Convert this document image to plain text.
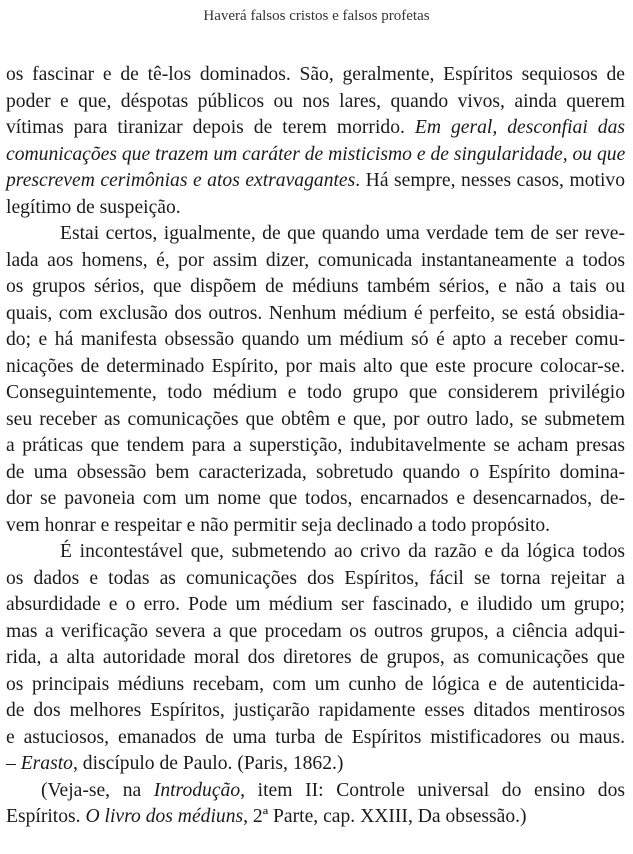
Haverá falsos cristos e falsos profetas
os fascinar e de tê-los dominados. São, geralmente, Espíritos sequiosos de
poder e que, déspotas públicos ou nos lares, quando vivos, ainda querem
vítimas para tiranizar depois de terem morrido. Em geral, desconfiai das
comunicações que trazem um caráter de misticismo e de singularidade, ou que
prescrevem cerimônias e atos extravagantes. Há sempre, nesses casos, motivo
legítimo de suspeição.
Estai certos, igualmente, de que quando uma verdade tem de ser reve-
lada aos homens, é, por assim dizer, comunicada instantaneamente a todos
os grupos sérios, que dispõem de médiuns também sérios, e não a tais ou
quais, com exclusão dos outros. Nenhum médium é perfeito, se está obsidia-
do; e há manifesta obsessão quando um médium só é apto a receber comu-
nicações de determinado Espírito, por mais alto que este procure colocar-se.
Conseguintemente, todo médium e todo grupo que considerem privilégio
seu receber as comunicações que obtêm e que, por outro lado, se submetem
a práticas que tendem para a superstição, indubitavelmente se acham presas
de uma obsessão bem caracterizada, sobretudo quando o Espírito domina-
dor se pavoneia com um nome que todos, encarnados e desencarnados, de-
vem honrar e respeitar e não permitir seja declinado a todo propósito.
É incontestável que, submetendo ao crivo da razão e da lógica todos
os dados e todas as comunicações dos Espíritos, fácil se torna rejeitar a
absurdidade e o erro. Pode um médium ser fascinado, e iludido um grupo;
mas a verificação severa a que procedam os outros grupos, a ciência adqui-
rida, a alta autoridade moral dos diretores de grupos, as comunicações que
os principais médiuns recebam, com um cunho de lógica e de autenticida-
de dos melhores Espíritos, justiçarão rapidamente esses ditados mentirosos
e astuciosos, emanados de uma turba de Espíritos mistificadores ou maus.
– Erasto, discípulo de Paulo. (Paris, 1862.)
(Veja-se, na Introdução, item II: Controle universal do ensino dos
Espíritos. O livro dos médiuns, 2ª Parte, cap. XXIII, Da obsessão.)
